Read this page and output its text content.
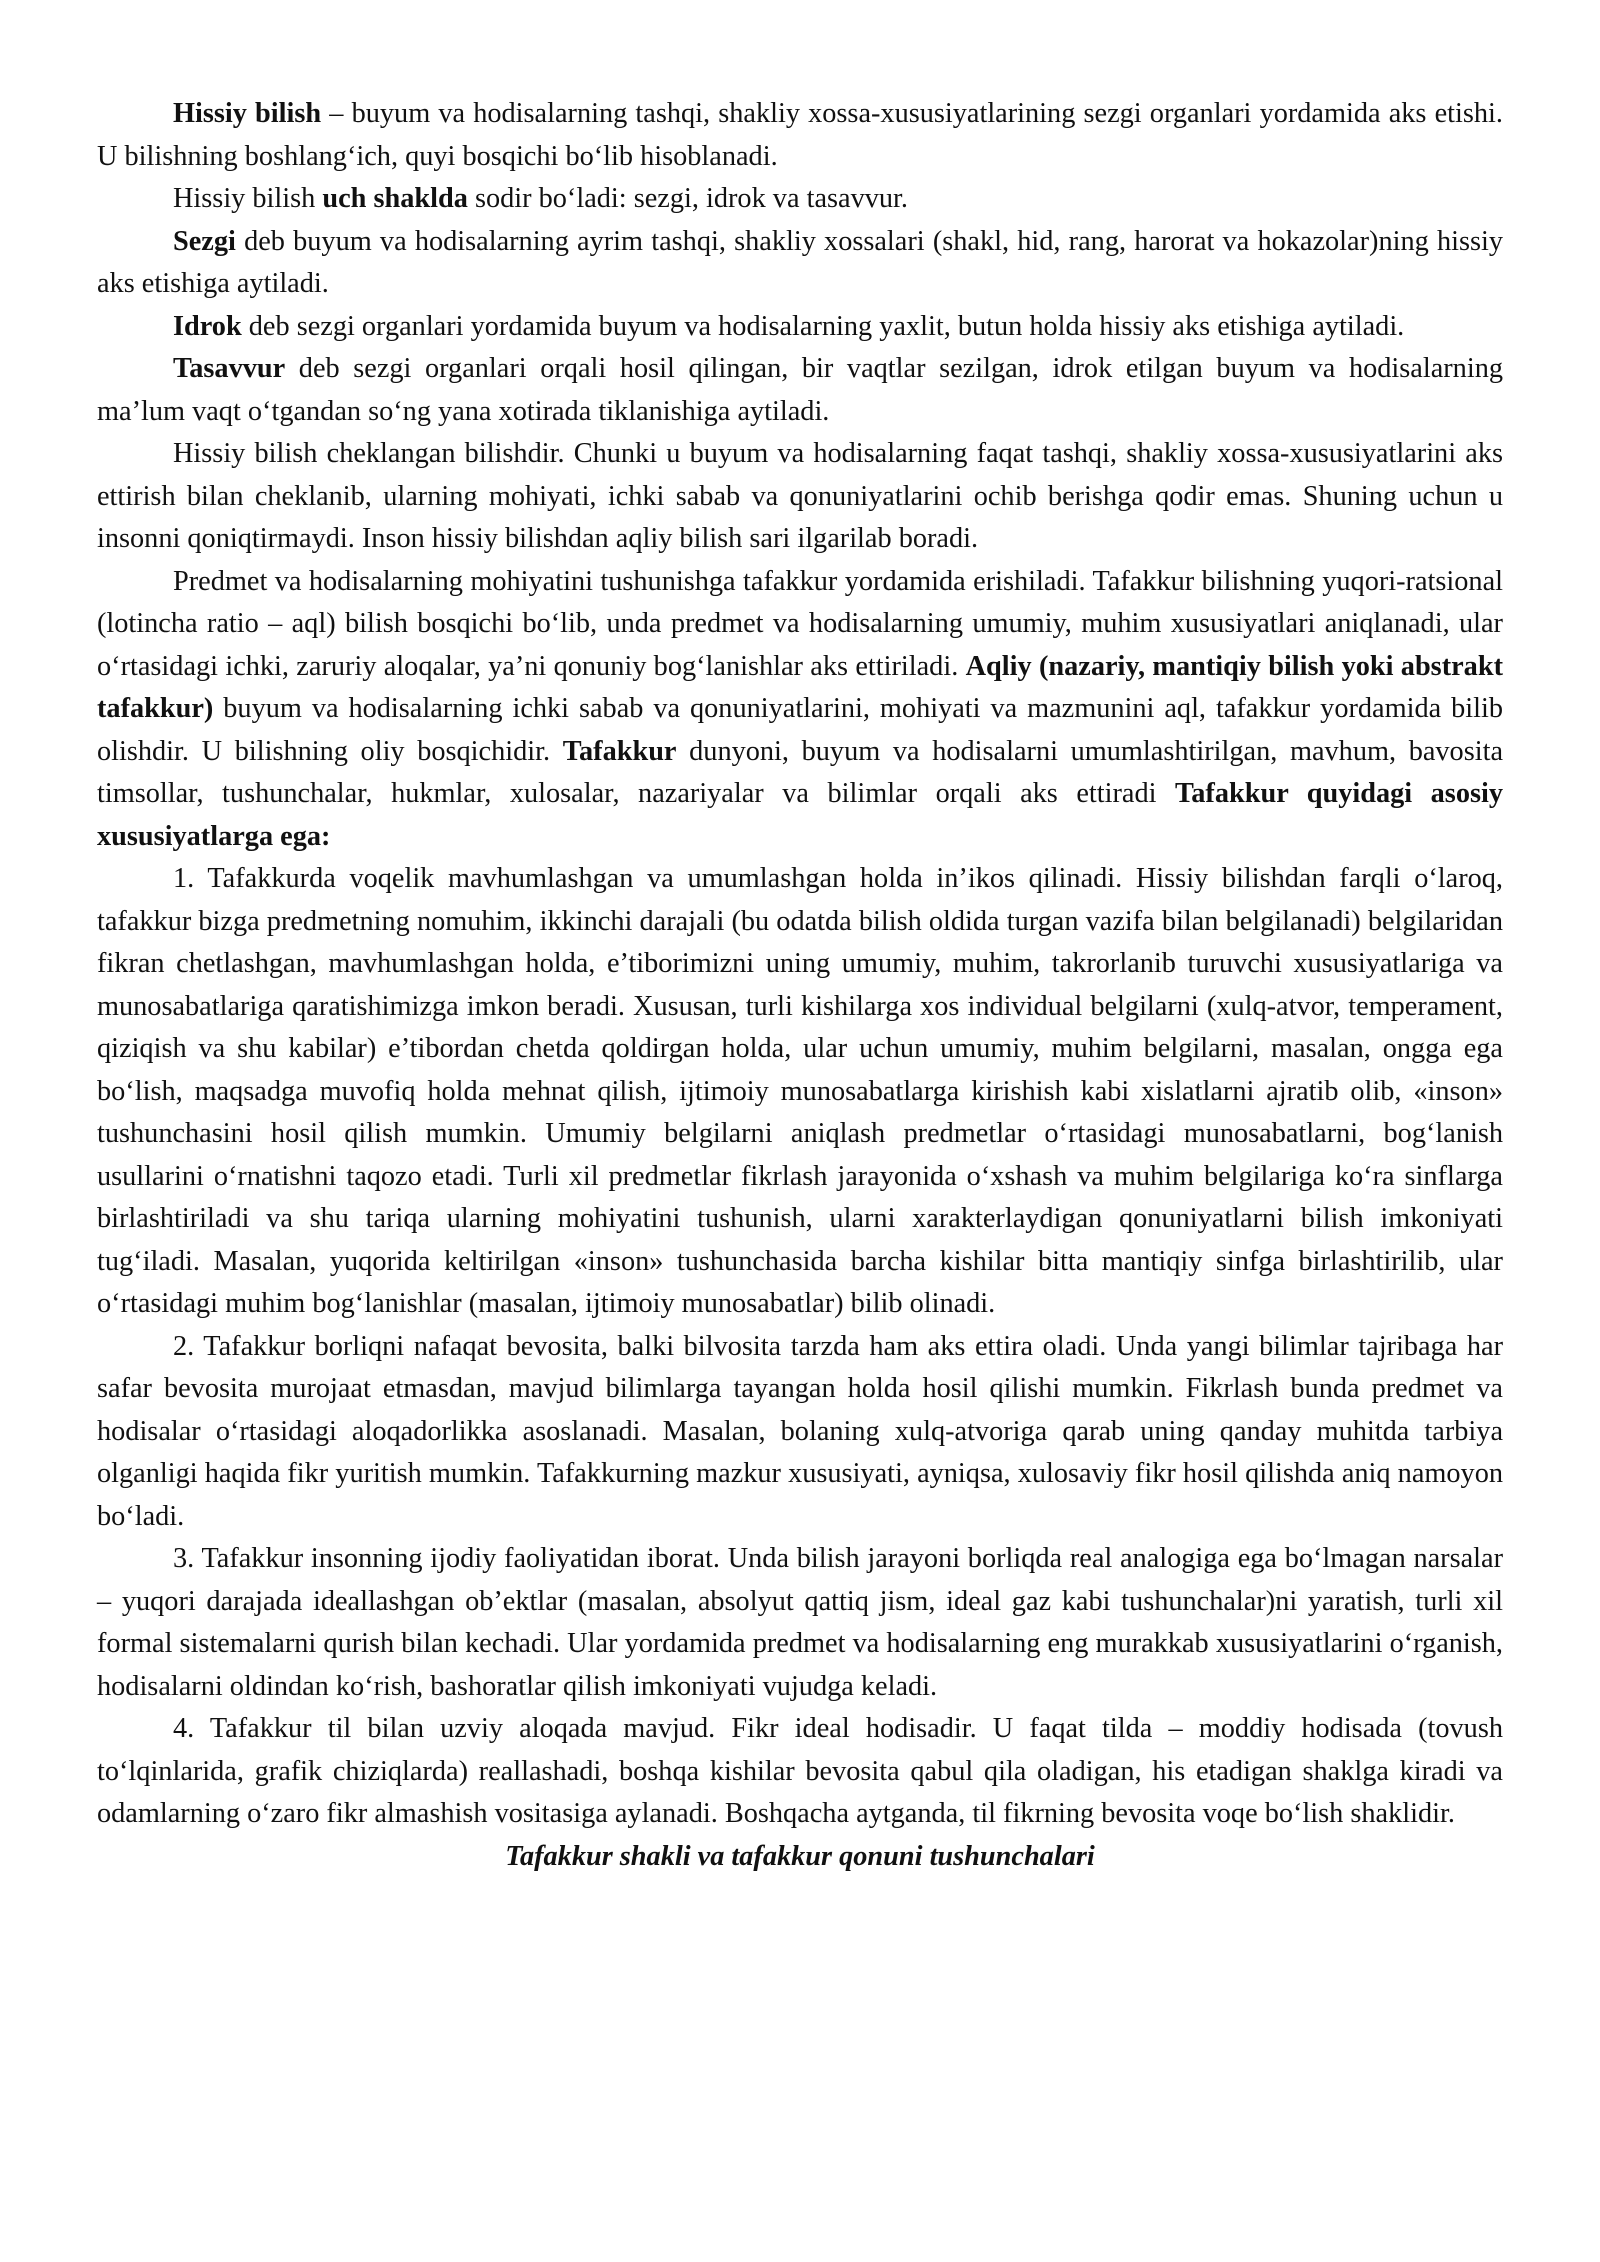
Hissiy bilish – buyum va hodisalarning tashqi, shakliy xossa-xususiyatlarining sezgi organlari yordamida aks etishi. U bilishning boshlang‘ich, quyi bosqichi bo‘lib hisoblanadi.

Hissiy bilish uch shaklda sodir bo‘ladi: sezgi, idrok va tasavvur.

Sezgi deb buyum va hodisalarning ayrim tashqi, shakliy xossalari (shakl, hid, rang, harorat va hokazolar)ning hissiy aks etishiga aytiladi.

Idrok deb sezgi organlari yordamida buyum va hodisalarning yaxlit, butun holda hissiy aks etishiga aytiladi.

Tasavvur deb sezgi organlari orqali hosil qilingan, bir vaqtlar sezilgan, idrok etilgan buyum va hodisalarning ma’lum vaqt o‘tgandan so‘ng yana xotirada tiklanishiga aytiladi.

Hissiy bilish cheklangan bilishdir. Chunki u buyum va hodisalarning faqat tashqi, shakliy xossa-xususiyatlarini aks ettirish bilan cheklanib, ularning mohiyati, ichki sabab va qonuniyatlarini ochib berishga qodir emas. Shuning uchun u insonni qoniqtirmaydi. Inson hissiy bilishdan aqliy bilish sari ilgarilab boradi.

Predmet va hodisalarning mohiyatini tushunishga tafakkur yordamida erishiladi. Tafakkur bilishning yuqori-ratsional (lotincha ratio – aql) bilish bosqichi bo‘lib, unda predmet va hodisalarning umumiy, muhim xususiyatlari aniqlanadi, ular o‘rtasidagi ichki, zaruriy aloqalar, ya’ni qonuniy bog‘lanishlar aks ettiriladi. Aqliy (nazariy, mantiqiy bilish yoki abstrakt tafakkur) buyum va hodisalarning ichki sabab va qonuniyatlarini, mohiyati va mazmunini aql, tafakkur yordamida bilib olishdir. U bilishning oliy bosqichidir. Tafakkur dunyoni, buyum va hodisalarni umumlashtirilgan, mavhum, bavosita timsollar, tushunchalar, hukmlar, xulosalar, nazariyalar va bilimlar orqali aks ettiradi Tafakkur quyidagi asosiy xususiyatlarga ega:

1. Tafakkurda voqelik mavhumlashgan va umumlashgan holda in’ikos qilinadi. Hissiy bilishdan farqli o‘laroq, tafakkur bizga predmetning nomuhim, ikkinchi darajali (bu odatda bilish oldida turgan vazifa bilan belgilanadi) belgilaridan fikran chetlashgan, mavhumlashgan holda, e’tiborimizni uning umumiy, muhim, takrorlanib turuvchi xususiyatlariga va munosabatlariga qaratishimizga imkon beradi. Xususan, turli kishilarga xos individual belgilarni (xulq-atvor, temperament, qiziqish va shu kabilar) e’tibordan chetda qoldirgan holda, ular uchun umumiy, muhim belgilarni, masalan, ongga ega bo‘lish, maqsadga muvofiq holda mehnat qilish, ijtimoiy munosabatlarga kirishish kabi xislatlarni ajratib olib, «inson» tushunchasini hosil qilish mumkin. Umumiy belgilarni aniqlash predmetlar o‘rtasidagi munosabatlarni, bog‘lanish usullarini o‘rnatishni taqozo etadi. Turli xil predmetlar fikrlash jarayonida o‘xshash va muhim belgilariga ko‘ra sinflarga birlashtiriladi va shu tariqa ularning mohiyatini tushunish, ularni xarakterlaydigan qonuniyatlarni bilish imkoniyati tug‘iladi. Masalan, yuqorida keltirilgan «inson» tushunchasida barcha kishilar bitta mantiqiy sinfga birlashtirilib, ular o‘rtasidagi muhim bog‘lanishlar (masalan, ijtimoiy munosabatlar) bilib olinadi.

2. Tafakkur borliqni nafaqat bevosita, balki bilvosita tarzda ham aks ettira oladi. Unda yangi bilimlar tajribaga har safar bevosita murojaat etmasdan, mavjud bilimlarga tayangan holda hosil qilishi mumkin. Fikrlash bunda predmet va hodisalar o‘rtasidagi aloqadorlikka asoslanadi. Masalan, bolaning xulq-atvoriga qarab uning qanday muhitda tarbiya olganligi haqida fikr yuritish mumkin. Tafakkurning mazkur xususiyati, ayniqsa, xulosaviy fikr hosil qilishda aniq namoyon bo‘ladi.

3. Tafakkur insonning ijodiy faoliyatidan iborat. Unda bilish jarayoni borliqda real analogiga ega bo‘lmagan narsalar – yuqori darajada ideallashgan ob’ektlar (masalan, absolyut qattiq jism, ideal gaz kabi tushunchalar)ni yaratish, turli xil formal sistemalarni qurish bilan kechadi. Ular yordamida predmet va hodisalarning eng murakkab xususiyatlarini o‘rganish, hodisalarni oldindan ko‘rish, bashoratlar qilish imkoniyati vujudga keladi.

4. Tafakkur til bilan uzviy aloqada mavjud. Fikr ideal hodisadir. U faqat tilda – moddiy hodisada (tovush to‘lqinlarida, grafik chiziqlarda) reallashadi, boshqa kishilar bevosita qabul qila oladigan, his etadigan shaklga kiradi va odamlarning o‘zaro fikr almashish vositasiga aylanadi. Boshqacha aytganda, til fikrning bevosita voqe bo‘lish shaklidir.

Tafakkur shakli va tafakkur qonuni tushunchalari
